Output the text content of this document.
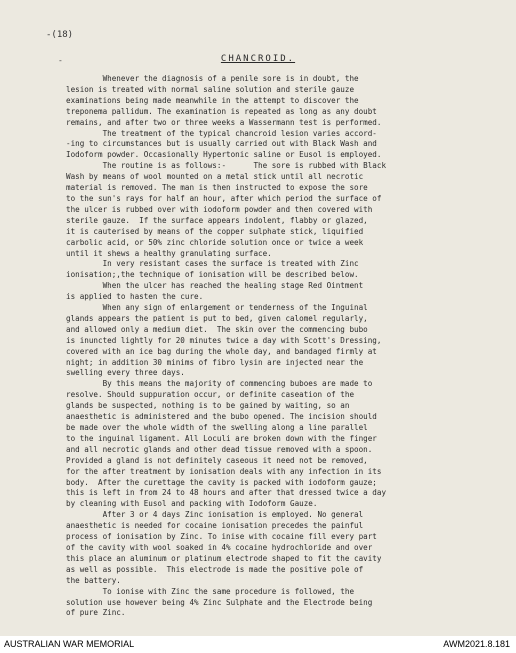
-(18)
-	CHANCROID.
Whenever the diagnosis of a penile sore is in doubt, the
lesion is treated with normal saline solution and sterile gauze
examinations being made meanwhile in the attempt to discover the
treponema pallidum. The examination is repeated as long as any doubt
remains, and after two or three weeks a Wassermann test is performed.
The treatment of the typical chancroid lesion varies accord-
-ing to circumstances but is usually carried out with Black Wash and
Iodoform powder. Occasionally Hypertonic saline or Eusol is employed.
The routine is as follows:-      The sore is rubbed with Black
Wash by means of wool mounted on a metal stick until all necrotic
material is removed. The man is then instructed to expose the sore
to the sun's rays for half an hour, after which period the surface of
the ulcer is rubbed over with iodoform powder and then covered with
sterile gauze.  If the surface appears indolent, flabby or glazed,
it is cauterised by means of the copper sulphate stick, liquified
carbolic acid, or 50% zinc chloride solution once or twice a week
until it shews a healthy granulating surface.
In very resistant cases the surface is treated with Zinc
ionisation;,the technique of ionisation will be described below.
When the ulcer has reached the healing stage Red Ointment
is applied to hasten the cure.
When any sign of enlargement or tenderness of the Inguinal
glands appears the patient is put to bed, given calomel regularly,
and allowed only a medium diet.  The skin over the commencing bubo
is inuncted lightly for 20 minutes twice a day with Scott's Dressing,
covered with an ice bag during the whole day, and bandaged firmly at
night; in addition 30 minims of fibro lysin are injected near the
swelling every three days.
By this means the majority of commencing buboes are made to
resolve. Should suppuration occur, or definite caseation of the
glands be suspected, nothing is to be gained by waiting, so an
anaesthetic is administered and the bubo opened. The incision should
be made over the whole width of the swelling along a line parallel
to the inguinal ligament. All Loculi are broken down with the finger
and all necrotic glands and other dead tissue removed with a spoon.
Provided a gland is not definitely caseous it need not be removed,
for the after treatment by ionisation deals with any infection in its
body.  After the curettage the cavity is packed with iodoform gauze;
this is left in from 24 to 48 hours and after that dressed twice a day
by cleaning with Eusol and packing with Iodoform Gauze.
After 3 or 4 days Zinc ionisation is employed. No general
anaesthetic is needed for cocaine ionisation precedes the painful
process of ionisation by Zinc. To inise with cocaine fill every part
of the cavity with wool soaked in 4% cocaine hydrochloride and over
this place an aluminum or platinum electrode shaped to fit the cavity
as well as possible.  This electrode is made the positive pole of
the battery.
To ionise with Zinc the same procedure is followed, the
solution use however being 4% Zinc Sulphate and the Electrode being
of pure Zinc.
AUSTRALIAN WAR MEMORIAL	AWM2021.8.181
